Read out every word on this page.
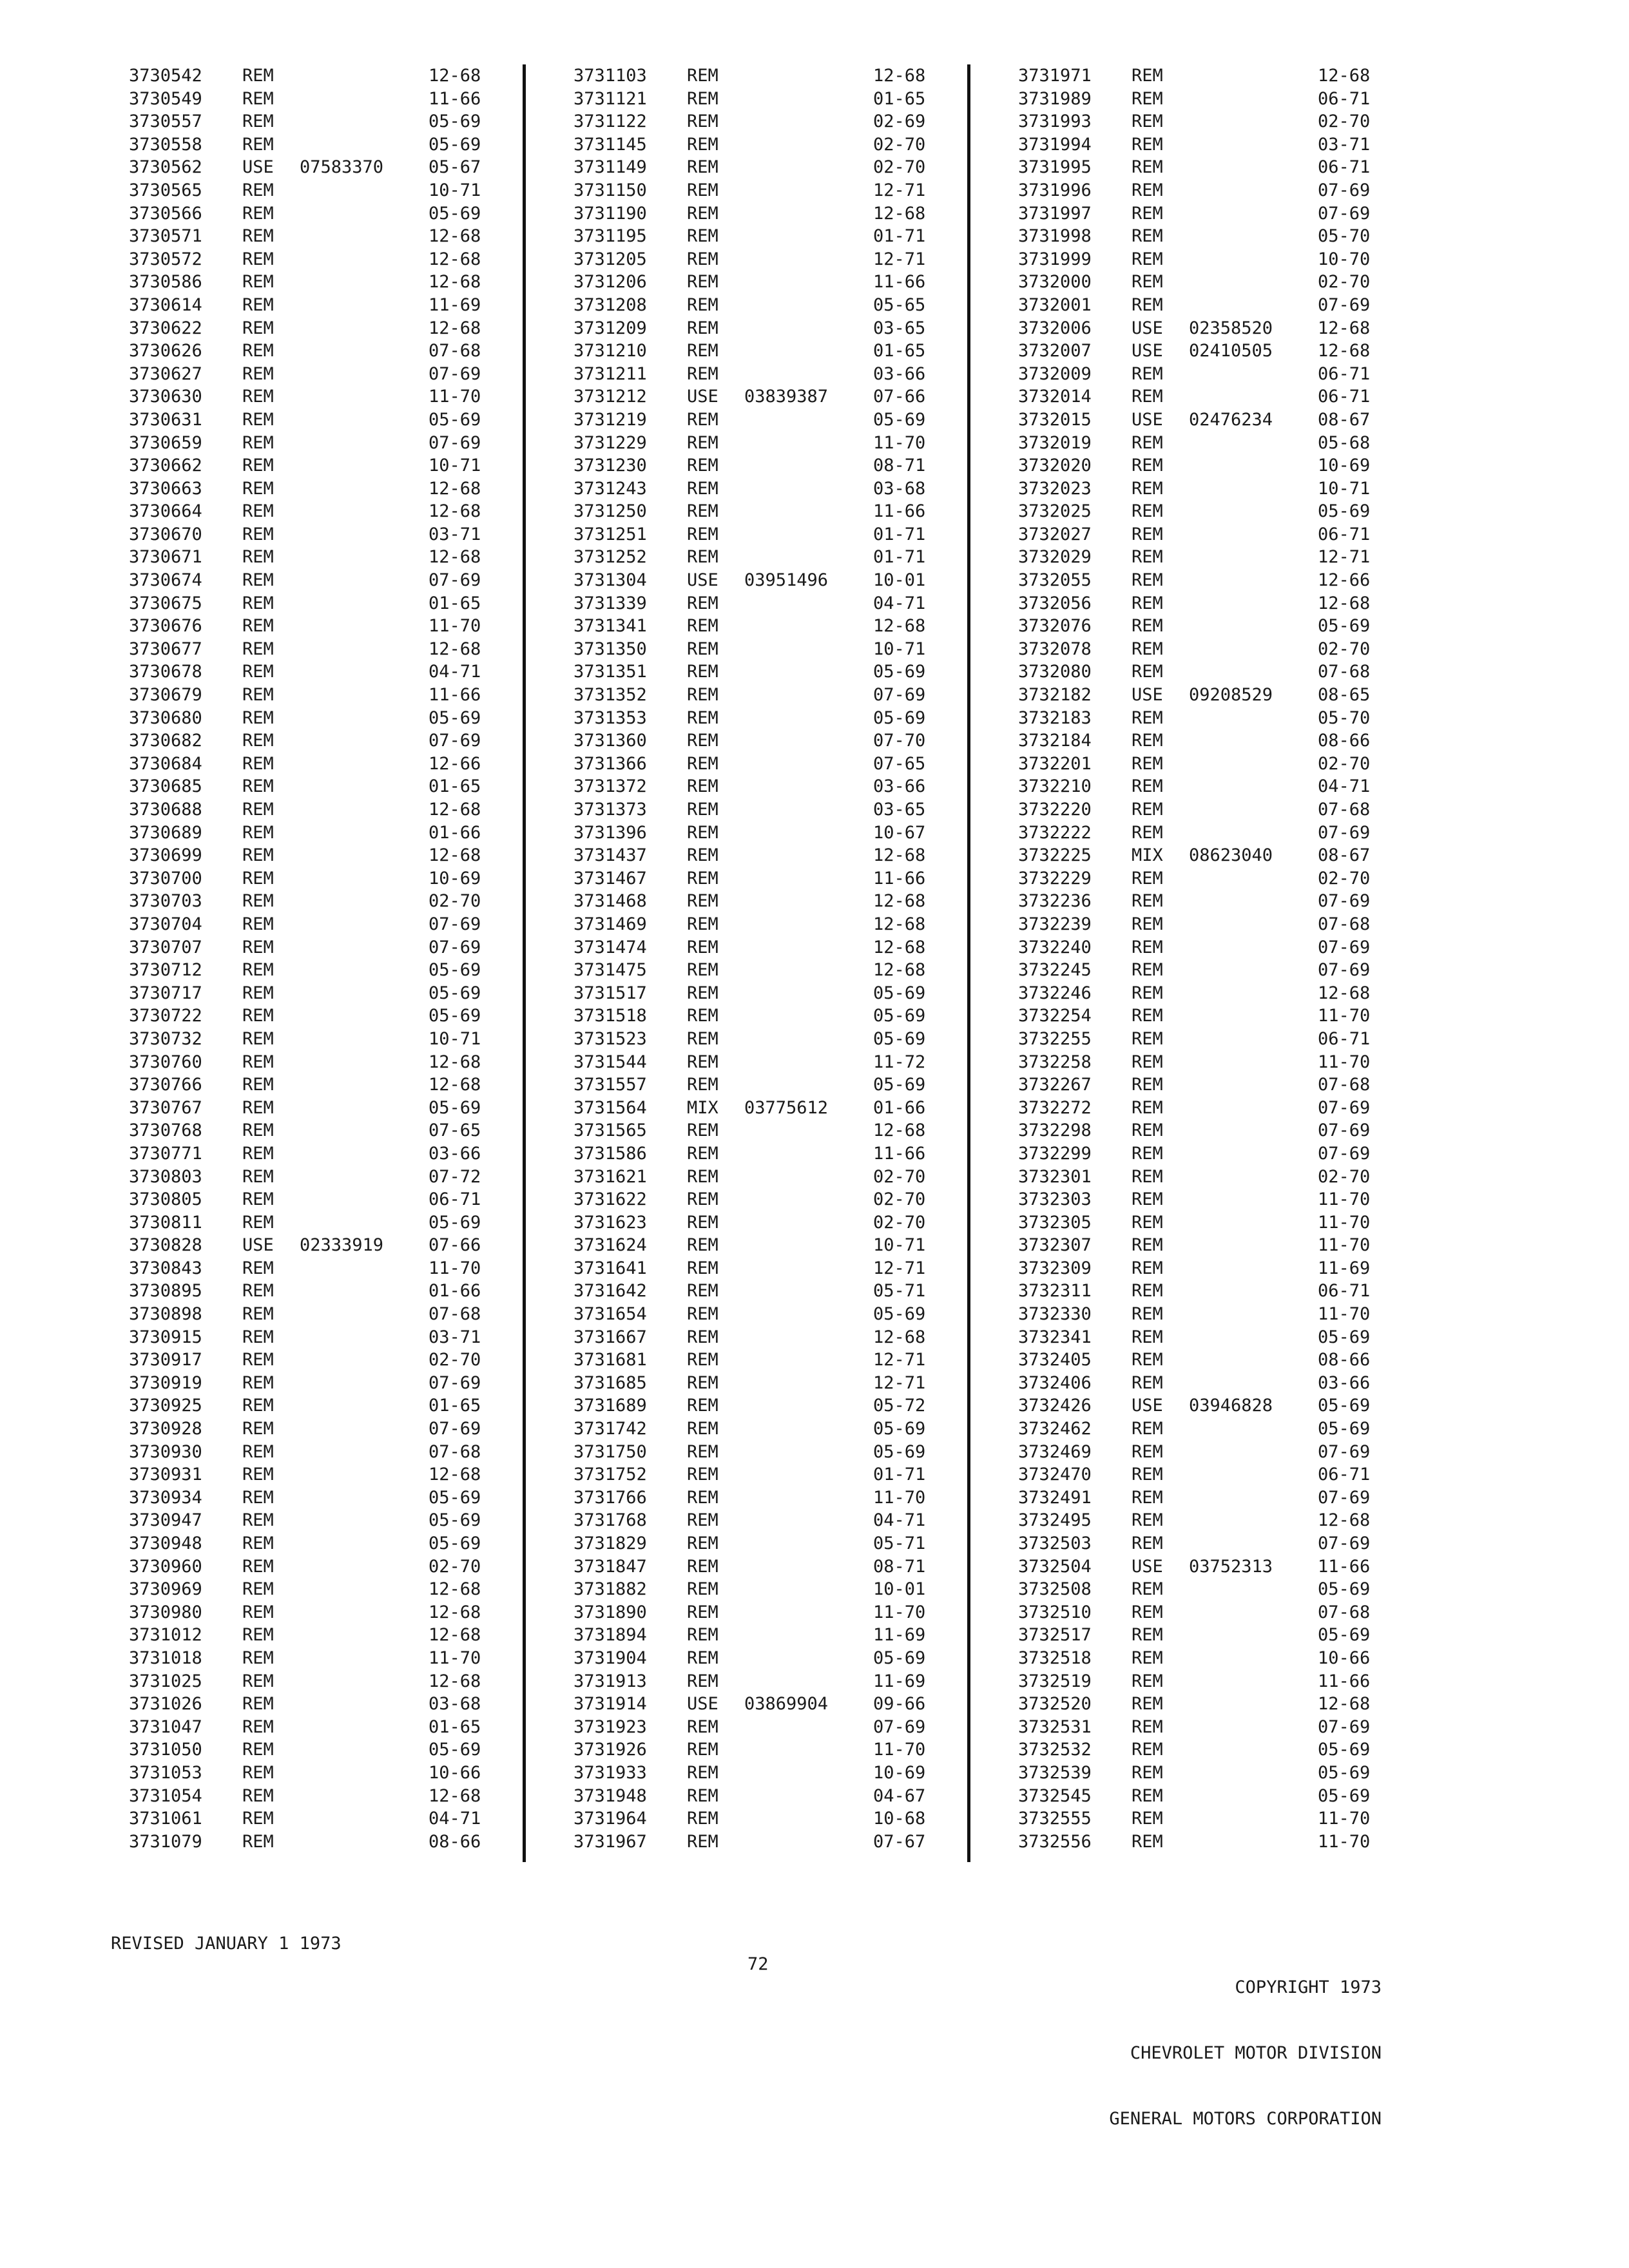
3730542 REM	12-68
3730549 REM	11-66
3730557 REM	05-69
3730558 REM	05-69
3730562 USE 07583370	05-67
3730565 REM	10-71
3730566 REM	05-69
3730571 REM	12-68
3730572 REM	12-68
3730586 REM	12-68
3730614 REM	11-69
3730622 REM	12-68
3730626 REM	07-68
3730627 REM	07-69
3730630 REM	11-70
3730631 REM	05-69
3730659 REM	07-69
3730662 REM	10-71
3730663 REM	12-68
3730664 REM	12-68
3730670 REM	03-71
3730671 REM	12-68
3730674 REM	07-69
3730675 REM	01-65
3730676 REM	11-70
3730677 REM	12-68
3730678 REM	04-71
3730679 REM	11-66
3730680 REM	05-69
3730682 REM	07-69
3730684 REM	12-66
3730685 REM	01-65
3730688 REM	12-68
3730689 REM	01-66
3730699 REM	12-68
3730700 REM	10-69
3730703 REM	02-70
3730704 REM	07-69
3730707 REM	07-69
3730712 REM	05-69
3730717 REM	05-69
3730722 REM	05-69
3730732 REM	10-71
3730760 REM	12-68
3730766 REM	12-68
3730767 REM	05-69
3730768 REM	07-65
3730771 REM	03-66
3730803 REM	07-72
3730805 REM	06-71
3730811 REM	05-69
3730828 USE 02333919	07-66
3730843 REM	11-70
3730895 REM	01-66
3730898 REM	07-68
3730915 REM	03-71
3730917 REM	02-70
3730919 REM	07-69
3730925 REM	01-65
3730928 REM	07-69
3730930 REM	07-68
3730931 REM	12-68
3730934 REM	05-69
3730947 REM	05-69
3730948 REM	05-69
3730960 REM	02-70
3730969 REM	12-68
3730980 REM	12-68
3731012 REM	12-68
3731018 REM	11-70
3731025 REM	12-68
3731026 REM	03-68
3731047 REM	01-65
3731050 REM	05-69
3731053 REM	10-66
3731054 REM	12-68
3731061 REM	04-71
3731079 REM	08-66
3731103 REM	12-68
3731121 REM	01-65
3731122 REM	02-69
3731145 REM	02-70
3731149 REM	02-70
3731150 REM	12-71
3731190 REM	12-68
3731195 REM	01-71
3731205 REM	12-71
3731206 REM	11-66
3731208 REM	05-65
3731209 REM	03-65
3731210 REM	01-65
3731211 REM	03-66
3731212 USE 03839387	07-66
3731219 REM	05-69
3731229 REM	11-70
3731230 REM	08-71
3731243 REM	03-68
3731250 REM	11-66
3731251 REM	01-71
3731252 REM	01-71
3731304 USE 03951496	10-01
3731339 REM	04-71
3731341 REM	12-68
3731350 REM	10-71
3731351 REM	05-69
3731352 REM	07-69
3731353 REM	05-69
3731360 REM	07-70
3731366 REM	07-65
3731372 REM	03-66
3731373 REM	03-65
3731396 REM	10-67
3731437 REM	12-68
3731467 REM	11-66
3731468 REM	12-68
3731469 REM	12-68
3731474 REM	12-68
3731475 REM	12-68
3731517 REM	05-69
3731518 REM	05-69
3731523 REM	05-69
3731544 REM	11-72
3731557 REM	05-69
3731564 MIX 03775612	01-66
3731565 REM	12-68
3731586 REM	11-66
3731621 REM	02-70
3731622 REM	02-70
3731623 REM	02-70
3731624 REM	10-71
3731641 REM	12-71
3731642 REM	05-71
3731654 REM	05-69
3731667 REM	12-68
3731681 REM	12-71
3731685 REM	12-71
3731689 REM	05-72
3731742 REM	05-69
3731750 REM	05-69
3731752 REM	01-71
3731766 REM	11-70
3731768 REM	04-71
3731829 REM	05-71
3731847 REM	08-71
3731882 REM	10-01
3731890 REM	11-70
3731894 REM	11-69
3731904 REM	05-69
3731913 REM	11-69
3731914 USE 03869904	09-66
3731923 REM	07-69
3731926 REM	11-70
3731933 REM	10-69
3731948 REM	04-67
3731964 REM	10-68
3731967 REM	07-67
3731971 REM	12-68
3731989 REM	06-71
3731993 REM	02-70
3731994 REM	03-71
3731995 REM	06-71
3731996 REM	07-69
3731997 REM	07-69
3731998 REM	05-70
3731999 REM	10-70
3732000 REM	02-70
3732001 REM	07-69
3732006 USE 02358520	12-68
3732007 USE 02410505	12-68
3732009 REM	06-71
3732014 REM	06-71
3732015 USE 02476234	08-67
3732019 REM	05-68
3732020 REM	10-69
3732023 REM	10-71
3732025 REM	05-69
3732027 REM	06-71
3732029 REM	12-71
3732055 REM	12-66
3732056 REM	12-68
3732076 REM	05-69
3732078 REM	02-70
3732080 REM	07-68
3732182 USE 09208529	08-65
3732183 REM	05-70
3732184 REM	08-66
3732201 REM	02-70
3732210 REM	04-71
3732220 REM	07-68
3732222 REM	07-69
3732225 MIX 08623040	08-67
3732229 REM	02-70
3732236 REM	07-69
3732239 REM	07-68
3732240 REM	07-69
3732245 REM	07-69
3732246 REM	12-68
3732254 REM	11-70
3732255 REM	06-71
3732258 REM	11-70
3732267 REM	07-68
3732272 REM	07-69
3732298 REM	07-69
3732299 REM	07-69
3732301 REM	02-70
3732303 REM	11-70
3732305 REM	11-70
3732307 REM	11-70
3732309 REM	11-69
3732311 REM	06-71
3732330 REM	11-70
3732341 REM	05-69
3732405 REM	08-66
3732406 REM	03-66
3732426 USE 03946828	05-69
3732462 REM	05-69
3732469 REM	07-69
3732470 REM	06-71
3732491 REM	07-69
3732495 REM	12-68
3732503 REM	07-69
3732504 USE 03752313	11-66
3732508 REM	05-69
3732510 REM	07-68
3732517 REM	05-69
3732518 REM	10-66
3732519 REM	11-66
3732520 REM	12-68
3732531 REM	07-69
3732532 REM	05-69
3732539 REM	05-69
3732545 REM	05-69
3732555 REM	11-70
3732556 REM	11-70
REVISED JANUARY 1 1973
72

COPYRIGHT 1973

CHEVROLET MOTOR DIVISION

GENERAL MOTORS CORPORATION
